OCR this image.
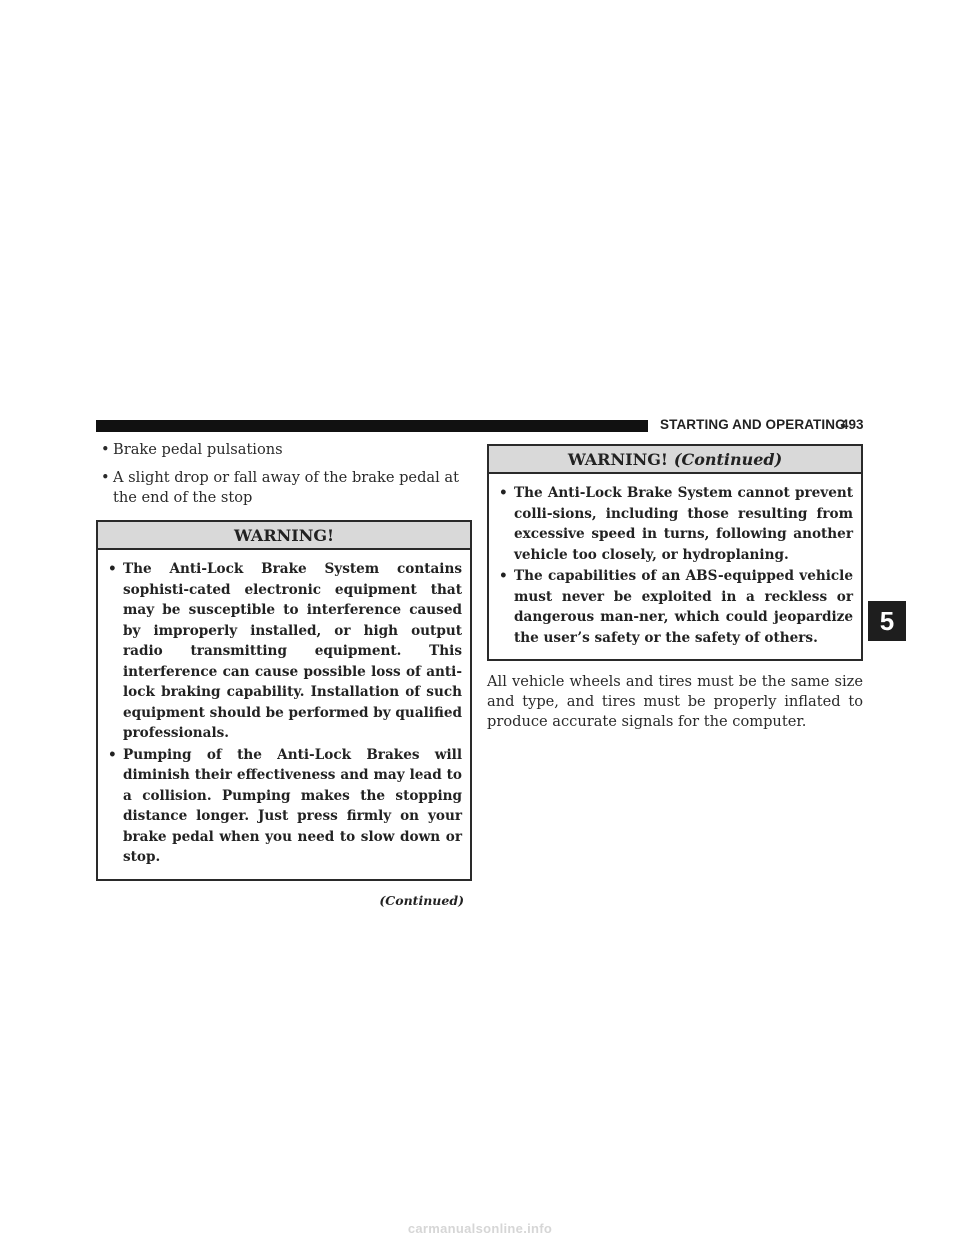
STARTING AND OPERATING
493
5
• Brake pedal pulsations
• A slight drop or fall away of the brake pedal at the end of the stop
WARNING!
• The Anti-Lock Brake System contains sophisti-cated electronic equipment that may be susceptible to interference caused by improperly installed, or high output radio transmitting equipment. This interference can cause possible loss of anti-lock braking capability. Installation of such equipment should be performed by qualified professionals.
• Pumping of the Anti-Lock Brakes will diminish their effectiveness and may lead to a collision. Pumping makes the stopping distance longer. Just press firmly on your brake pedal when you need to slow down or stop.
(Continued)
WARNING! (Continued)
• The Anti-Lock Brake System cannot prevent colli-sions, including those resulting from excessive speed in turns, following another vehicle too closely, or hydroplaning.
• The capabilities of an ABS-equipped vehicle must never be exploited in a reckless or dangerous man-ner, which could jeopardize the user’s safety or the safety of others.

All vehicle wheels and tires must be the same size and type, and tires must be properly inflated to produce accurate signals for the computer.

carmanualsonline.info
